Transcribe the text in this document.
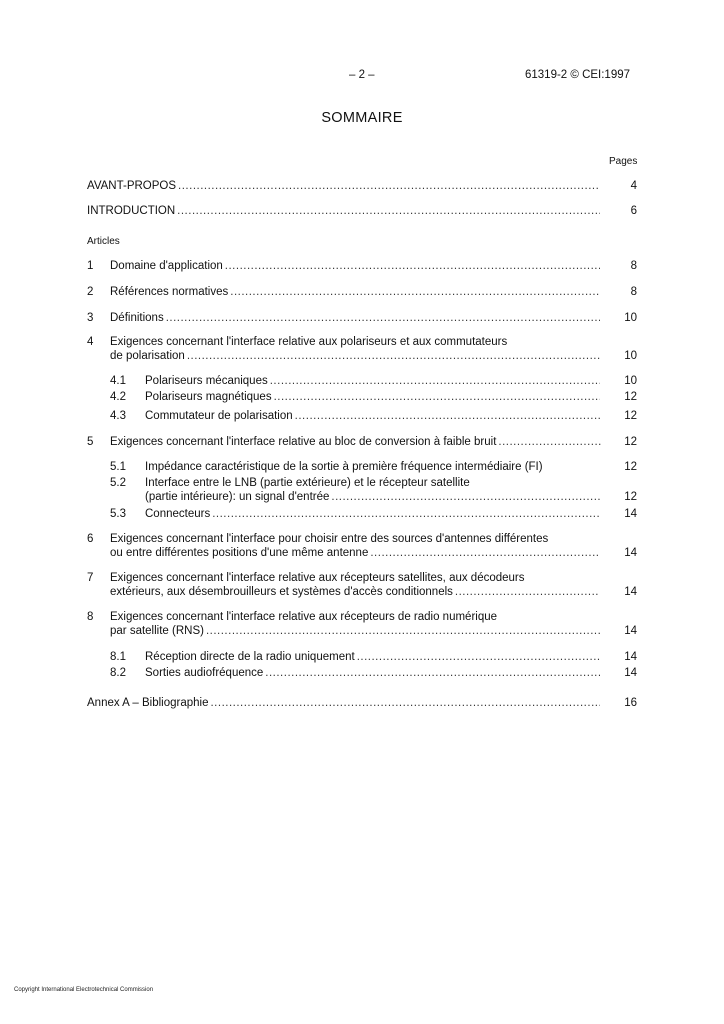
– 2 –	61319-2 © CEI:1997
SOMMAIRE
Pages
AVANT-PROPOS .....	4
INTRODUCTION .....	6
Articles
1 Domaine d'application .....	8
2 Références normatives .....	8
3 Définitions .....	10
4 Exigences concernant l'interface relative aux polariseurs et aux commutateurs
de polarisation .....	10
4.1 Polariseurs mécaniques .....	10
4.2 Polariseurs magnétiques .....	12
4.3 Commutateur de polarisation .....	12
5 Exigences concernant l'interface relative au bloc de conversion à faible bruit .....	12
5.1 Impédance caractéristique de la sortie à première fréquence intermédiaire (FI)	12
5.2 Interface entre le LNB (partie extérieure) et le récepteur satellite
(partie intérieure): un signal d'entrée .....	12
5.3 Connecteurs .....	14
6 Exigences concernant l'interface pour choisir entre des sources d'antennes différentes
ou entre différentes positions d'une même antenne .....	14
7 Exigences concernant l'interface relative aux récepteurs satellites, aux décodeurs
extérieurs, aux désembrouilleurs et systèmes d'accès conditionnels .....	14
8 Exigences concernant l'interface relative aux récepteurs de radio numérique
par satellite (RNS) .....	14
8.1 Réception directe de la radio uniquement .....	14
8.2 Sorties audiofréquence .....	14
Annex A – Bibliographie .....	16
Copyright International Electrotechnical Commission
